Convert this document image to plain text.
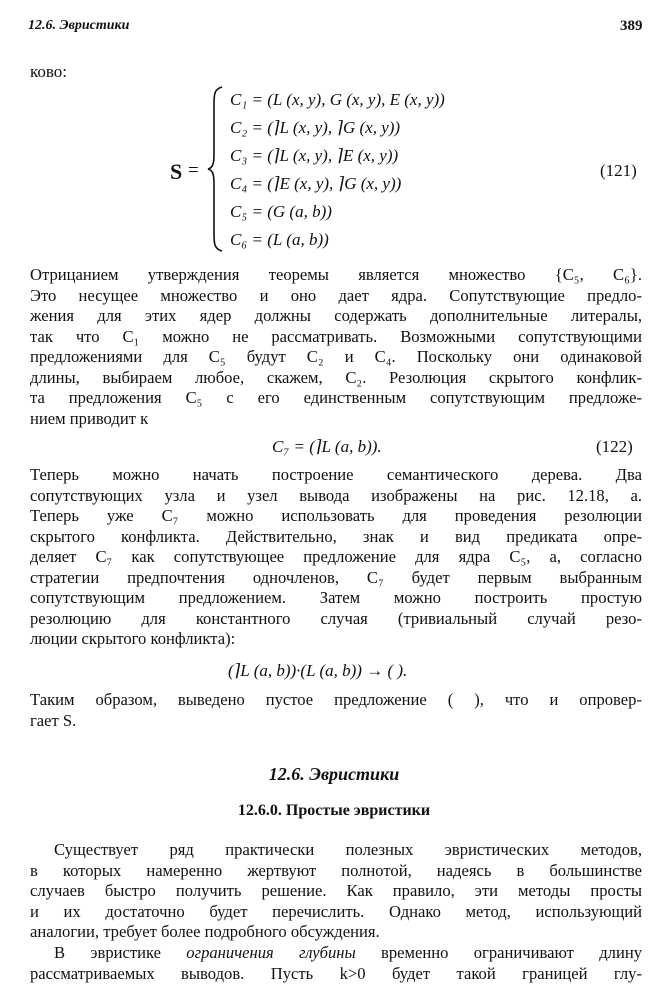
12.6. Эвристики	389
ково:
S =
C₁ = (L (x, y), G (x, y), E (x, y))
C₂ = (⌉L (x, y), ⌉G (x, y))
C₃ = (⌉L (x, y), ⌉E (x, y))
C₄ = (⌉E (x, y), ⌉G (x, y))
C₅ = (G (a, b))
C₆ = (L (a, b))
(121)
Отрицанием утверждения теоремы является множество {C₅, C₆}.
Это несущее множество и оно дает ядра. Сопутствующие предло-
жения для этих ядер должны содержать дополнительные литералы,
так что C₁ можно не рассматривать. Возможными сопутствующими
предложениями для C₅ будут C₂ и C₄. Поскольку они одинаковой
длины, выбираем любое, скажем, C₂. Резолюция скрытого конфлик-
та предложения C₅ с его единственным сопутствующим предложе-
нием приводит к
C₇ = (⌉L (a, b)).	(122)
Теперь можно начать построение семантического дерева. Два
сопутствующих узла и узел вывода изображены на рис. 12.18, a.
Теперь уже C₇ можно использовать для проведения резолюции
скрытого конфликта. Действительно, знак и вид предиката опре-
деляет C₇ как сопутствующее предложение для ядра C₅, а, согласно
стратегии предпочтения одночленов, C₇ будет первым выбранным
сопутствующим предложением. Затем можно построить простую
резолюцию для константного случая (тривиальный случай резо-
люции скрытого конфликта):
(⌉L (a, b))·(L (a, b)) → ( ).
Таким образом, выведено пустое предложение ( ), что и опровер-
гает S.
12.6. Эвристики
12.6.0. Простые эвристики
Существует ряд практически полезных эвристических методов,
в которых намеренно жертвуют полнотой, надеясь в большинстве
случаев быстро получить решение. Как правило, эти методы просты
и их достаточно будет перечислить. Однако метод, использующий
аналогии, требует более подробного обсуждения.
В эвристике ограничения глубины временно ограничивают длину
рассматриваемых выводов. Пусть k>0 будет такой границей глу-
